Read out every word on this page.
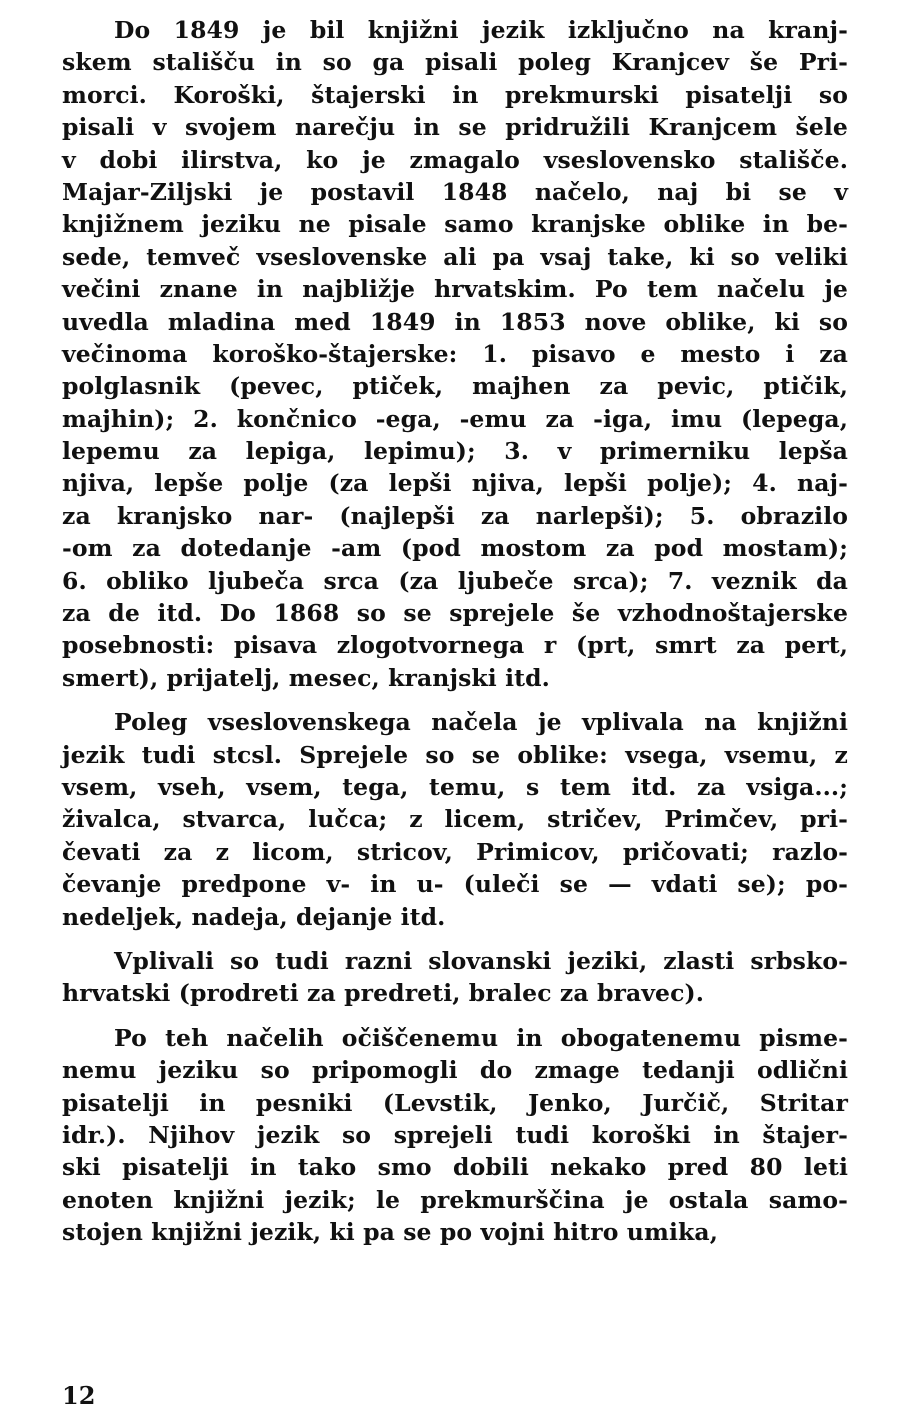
Do 1849 je bil knjižni jezik izključno na kranj-
skem stališču in so ga pisali poleg Kranjcev še Pri-
morci. Koroški, štajerski in prekmurski pisatelji so
pisali v svojem narečju in se pridružili Kranjcem šele
v dobi ilirstva, ko je zmagalo vseslovensko stališče.
Majar-Ziljski je postavil 1848 načelo, naj bi se v
knjižnem jeziku ne pisale samo kranjske oblike in be-
sede, temveč vseslovenske ali pa vsaj take, ki so veliki
večini znane in najbližje hrvatskim. Po tem načelu je
uvedla mladina med 1849 in 1853 nove oblike, ki so
večinoma koroško-štajerske: 1. pisavo e mesto i za
polglasnik (pevec, ptiček, majhen za pevic, ptičik,
majhin); 2. končnico -ega, -emu za -iga, imu (lepega,
lepemu za lepiga, lepimu); 3. v primerniku lepša
njiva, lepše polje (za lepši njiva, lepši polje); 4. naj-
za kranjsko nar- (najlepši za narlepši); 5. obrazilo
-om za dotedanje -am (pod mostom za pod mostam);
6. obliko ljubeča srca (za ljubeče srca); 7. veznik da
za de itd. Do 1868 so se sprejele še vzhodnoštajerske
posebnosti: pisava zlogotvornega r (prt, smrt za pert,
smert), prijatelj, mesec, kranjski itd.
Poleg vseslovenskega načela je vplivala na knjižni
jezik tudi stcsl. Sprejele so se oblike: vsega, vsemu, z
vsem, vseh, vsem, tega, temu, s tem itd. za vsiga...;
živalca, stvarca, lučca; z licem, stričev, Primčev, pri-
čevati za z licom, stricov, Primicov, pričovati; razlo-
čevanje predpone v- in u- (uleči se — vdati se); po-
nedeljek, nadeja, dejanje itd.
Vplivali so tudi razni slovanski jeziki, zlasti srbsko-
hrvatski (prodreti za predreti, bralec za bravec).
Po teh načelih očiščenemu in obogatenemu pisme-
nemu jeziku so pripomogli do zmage tedanji odlični
pisatelji in pesniki (Levstik, Jenko, Jurčič, Stritar
idr.). Njihov jezik so sprejeli tudi koroški in štajer-
ski pisatelji in tako smo dobili nekako pred 80 leti
enoten knjižni jezik; le prekmurščina je ostala samo-
stojen knjižni jezik, ki pa se po vojni hitro umika,
12
